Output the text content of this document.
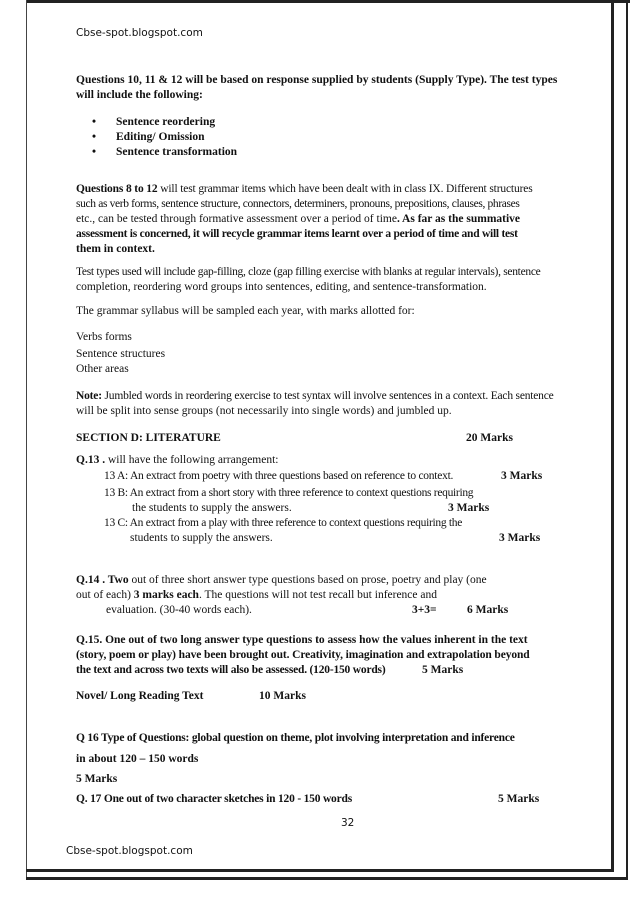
Cbse-spot.blogspot.com
Questions 10, 11 & 12 will be based on response supplied by students (Supply Type). The test types
will include the following:
• Sentence reordering
• Editing/ Omission
• Sentence transformation
Questions 8 to 12 will test grammar items which have been dealt with in class IX. Different structures
such as verb forms, sentence structure, connectors, determiners, pronouns, prepositions, clauses, phrases
etc., can be tested through formative assessment over a period of time. As far as the summative
assessment is concerned, it will recycle grammar items learnt over a period of time and will test
them in context.
Test types used will include gap-filling, cloze (gap filling exercise with blanks at regular intervals), sentence
completion, reordering word groups into sentences, editing, and sentence-transformation.
The grammar syllabus will be sampled each year, with marks allotted for:
Verbs forms
Sentence structures
Other areas
Note: Jumbled words in reordering exercise to test syntax will involve sentences in a context. Each sentence
will be split into sense groups (not necessarily into single words) and jumbled up.
SECTION D: LITERATURE	20 Marks
Q.13 . will have the following arrangement:
13 A: An extract from poetry with three questions based on reference to context.	3 Marks
13 B: An extract from a short story with three reference to context questions requiring
the students to supply the answers.	3 Marks
13 C: An extract from a play with three reference to context questions requiring the
students to supply the answers.	3 Marks
Q.14 . Two out of three short answer type questions based on prose, poetry and play (one
out of each) 3 marks each. The questions will not test recall but inference and
evaluation. (30-40 words each).	3+3=	6 Marks
Q.15. One out of two long answer type questions to assess how the values inherent in the text
(story, poem or play) have been brought out. Creativity, imagination and extrapolation beyond
the text and across two texts will also be assessed. (120-150 words)	5 Marks
Novel/ Long Reading Text	10 Marks
Q 16 Type of Questions: global question on theme, plot involving interpretation and inference
in about 120 – 150 words
5 Marks
Q. 17 One out of two character sketches in 120 - 150 words	5 Marks
32
Cbse-spot.blogspot.com
